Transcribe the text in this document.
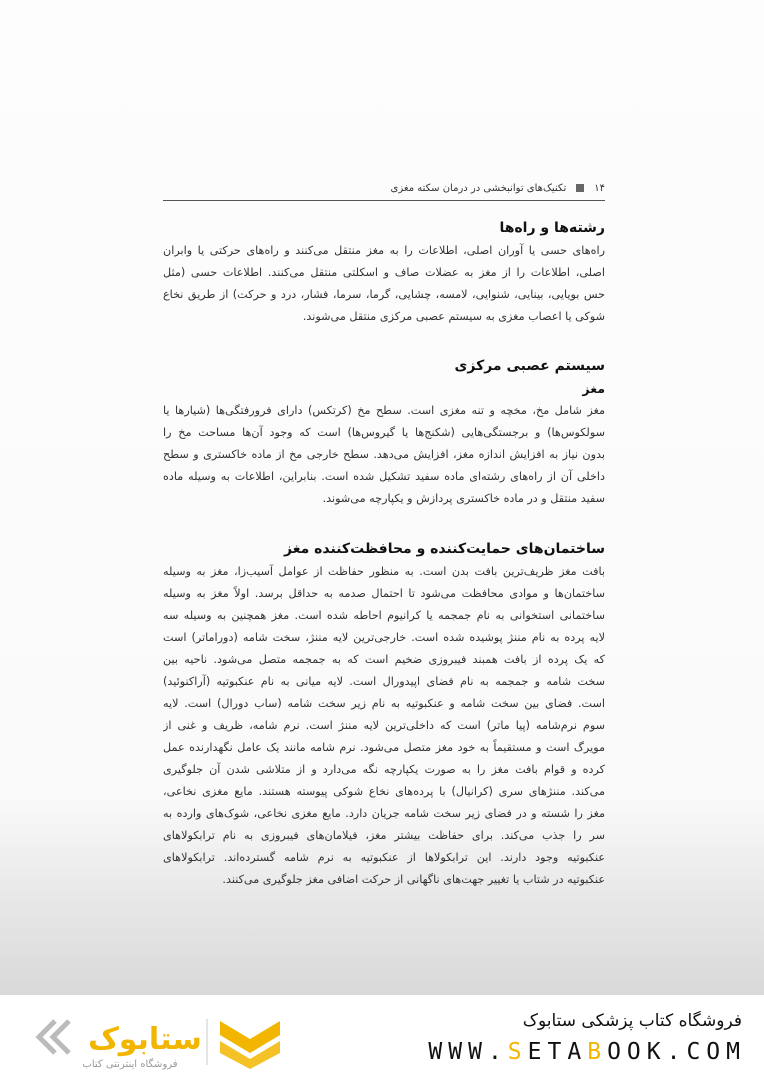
۱۴
تکنیک‌های توانبخشی در درمان سکته مغزی
رشته‌ها و راه‌ها
راه‌های حسی یا آوران اصلی، اطلاعات را به مغز منتقل می‌کنند و راه‌های حرکتی یا وابران
اصلی، اطلاعات را از مغز به عضلات صاف و اسکلتی منتقل می‌کنند. اطلاعات حسی (مثل
حس بویایی، بینایی، شنوایی، لامسه، چشایی، گرما، سرما، فشار، درد و حرکت) از طریق نخاع
شوکی یا اعصاب مغزی به سیستم عصبی مرکزی منتقل می‌شوند.
سیستم عصبی مرکزی
مغز
مغز شامل مخ، مخچه و تنه مغزی است. سطح مخ (کرتکس) دارای فرورفتگی‌ها (شیارها یا
سولکوس‌ها) و برجستگی‌هایی (شکنج‌ها یا گیروس‌ها) است که وجود آن‌ها مساحت مخ را
بدون نیاز به افزایش اندازه مغز، افزایش می‌دهد. سطح خارجی مخ از ماده خاکستری و سطح
داخلی آن از راه‌های رشته‌ای ماده سفید تشکیل شده است. بنابراین، اطلاعات به وسیله ماده
سفید منتقل و در ماده خاکستری پردازش و یکپارچه می‌شوند.
ساختمان‌های حمایت‌کننده و محافظت‌کننده مغز
بافت مغز ظریف‌ترین بافت بدن است. به منظور حفاظت از عوامل آسیب‌زا، مغز به وسیله
ساختمان‌ها و موادی محافظت می‌شود تا احتمال صدمه به حداقل برسد. اولاً مغز به وسیله
ساختمانی استخوانی به نام جمجمه یا کرانیوم احاطه شده است. مغز همچنین به وسیله سه
لایه پرده به نام مننژ پوشیده شده است. خارجی‌ترین لایه مننژ، سخت شامه (دوراماتر) است
که یک پرده از بافت همبند فیبروزی ضخیم است که به جمجمه متصل می‌شود. ناحیه بین
سخت شامه و جمجمه به نام فضای اپیدورال است. لایه میانی به نام عنکبوتیه (آراکنوئید)
است. فضای بین سخت شامه و عنکبوتیه به نام زیر سخت شامه (ساب دورال) است. لایه
سوم نرم‌شامه (پیا ماتر) است که داخلی‌ترین لایه مننژ است. نرم شامه، ظریف و غنی از
مویرگ است و مستقیماً به خود مغز متصل می‌شود. نرم شامه مانند یک عامل نگهدارنده عمل
کرده و قوام بافت مغز را به صورت یکپارچه نگه می‌دارد و از متلاشی شدن آن جلوگیری
می‌کند. مننژهای سری (کرانیال) با پرده‌های نخاع شوکی پیوسته هستند. مایع مغزی نخاعی،
مغز را شسته و در فضای زیر سخت شامه جریان دارد. مایع مغزی نخاعی، شوک‌های وارده به
سر را جذب می‌کند. برای حفاظت بیشتر مغز، فیلامان‌های فیبروزی به نام ترابکولاهای
عنکبوتیه وجود دارند. این ترابکولاها از عنکبوتیه به نرم شامه گسترده‌اند. ترابکولاهای
عنکبوتیه در شتاب یا تغییر جهت‌های ناگهانی از حرکت اضافی مغز جلوگیری می‌کنند.
ستابوک
فروشگاه اینترنتی کتاب
فروشگاه کتاب پزشکی ستابوک
WWW.SETABOOK.COM
